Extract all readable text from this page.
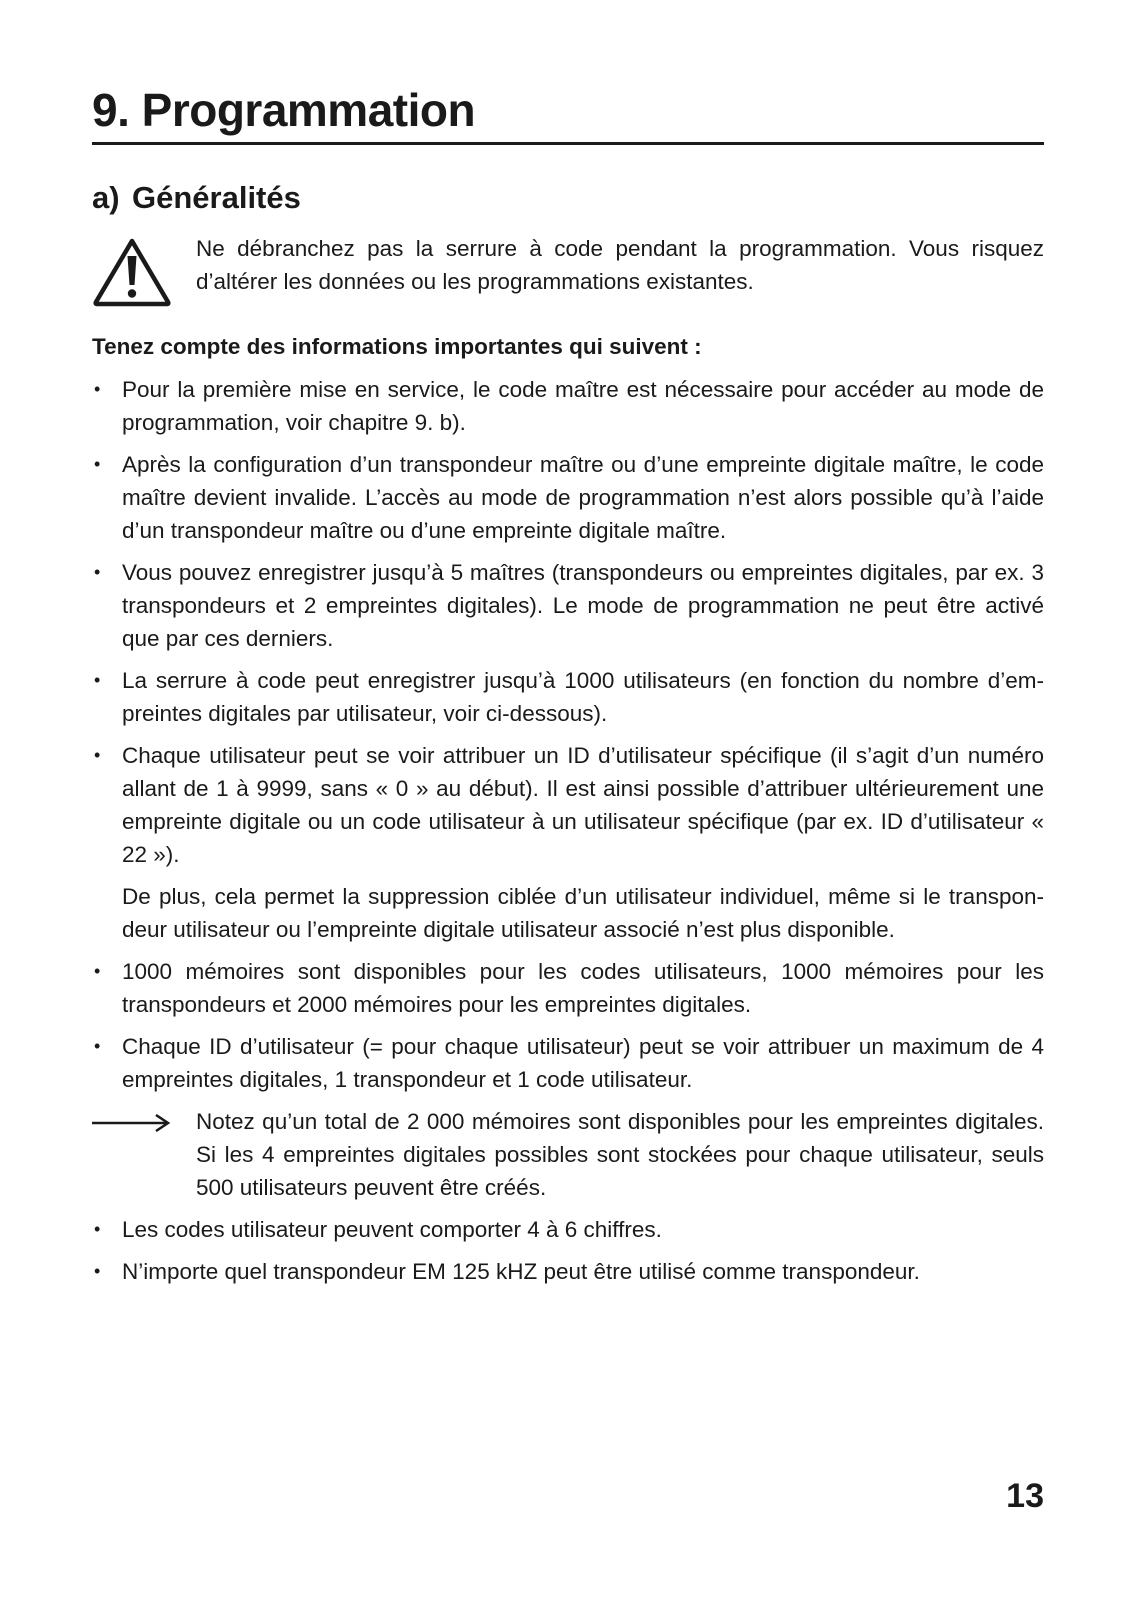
9. Programmation
a) Généralités
Ne débranchez pas la serrure à code pendant la programmation. Vous risquez d’altérer les données ou les programmations existantes.

Tenez compte des informations importantes qui suivent :

• Pour la première mise en service, le code maître est nécessaire pour accéder au mode de programmation, voir chapitre 9. b).
• Après la configuration d’un transpondeur maître ou d’une empreinte digitale maître, le code maître devient invalide. L’accès au mode de programmation n’est alors possible qu’à l’aide d’un transpondeur maître ou d’une empreinte digitale maître.
• Vous pouvez enregistrer jusqu’à 5 maîtres (transpondeurs ou empreintes digitales, par ex. 3 transpondeurs et 2 empreintes digitales). Le mode de programmation ne peut être activé que par ces derniers.
• La serrure à code peut enregistrer jusqu’à 1000 utilisateurs (en fonction du nombre d’empreintes digitales par utilisateur, voir ci-dessous).
• Chaque utilisateur peut se voir attribuer un ID d’utilisateur spécifique (il s’agit d’un numéro allant de 1 à 9999, sans « 0 » au début). Il est ainsi possible d’attribuer ultérieurement une empreinte digitale ou un code utilisateur à un utilisateur spécifique (par ex. ID d’utilisateur « 22 »).
De plus, cela permet la suppression ciblée d’un utilisateur individuel, même si le transpondeur utilisateur ou l’empreinte digitale utilisateur associé n’est plus disponible.
• 1000 mémoires sont disponibles pour les codes utilisateurs, 1000 mémoires pour les transpondeurs et 2000 mémoires pour les empreintes digitales.
• Chaque ID d’utilisateur (= pour chaque utilisateur) peut se voir attribuer un maximum de 4 empreintes digitales, 1 transpondeur et 1 code utilisateur.
Notez qu’un total de 2 000 mémoires sont disponibles pour les empreintes digitales. Si les 4 empreintes digitales possibles sont stockées pour chaque utilisateur, seuls 500 utilisateurs peuvent être créés.
• Les codes utilisateur peuvent comporter 4 à 6 chiffres.
• N’importe quel transpondeur EM 125 kHZ peut être utilisé comme transpondeur.
13
